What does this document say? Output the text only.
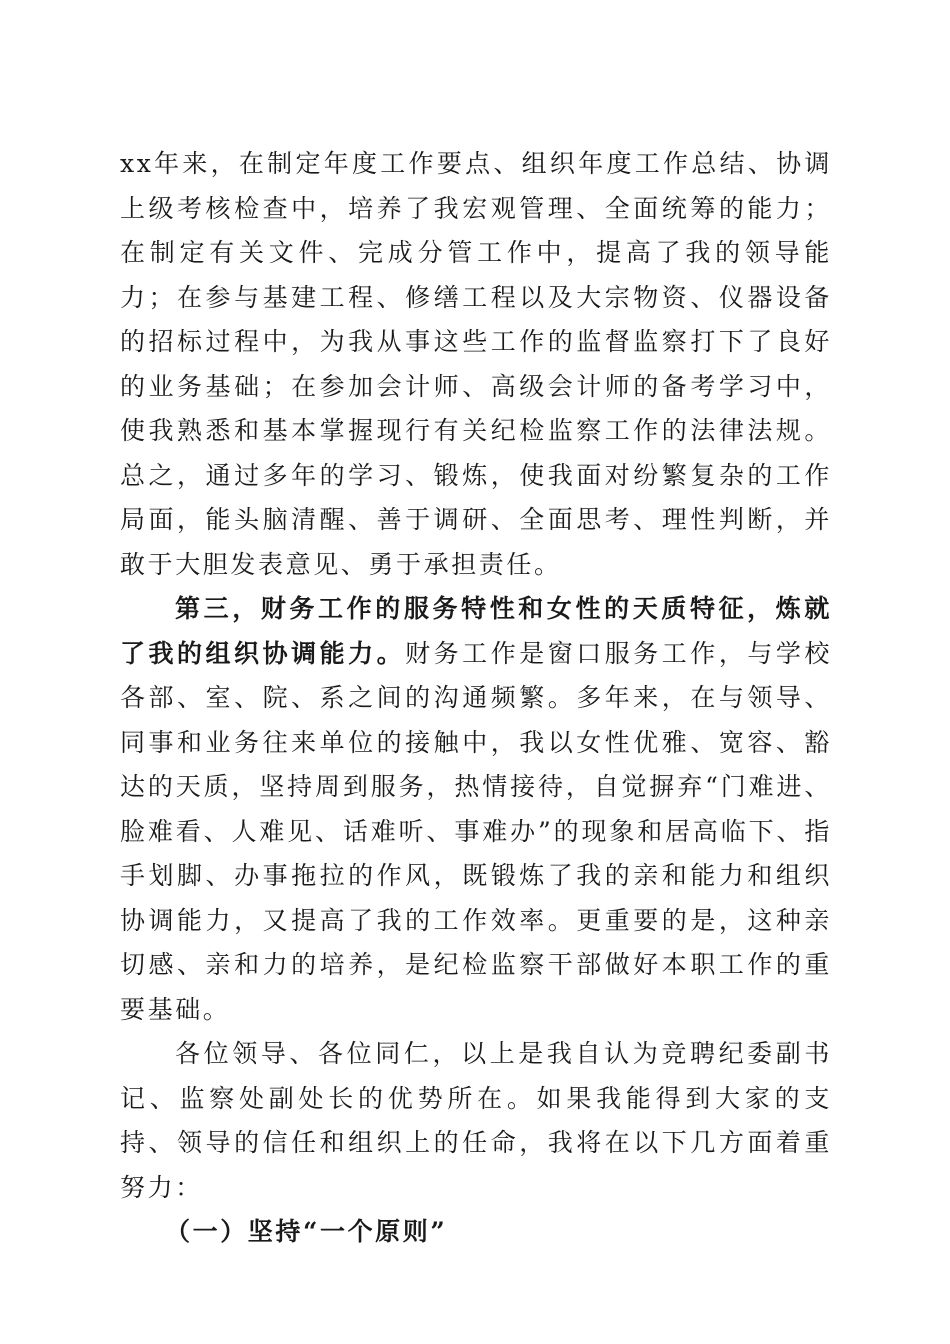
xx年来，在制定年度工作要点、组织年度工作总结、协调上级考核检查中，培养了我宏观管理、全面统筹的能力；在制定有关文件、完成分管工作中，提高了我的领导能力；在参与基建工程、修缮工程以及大宗物资、仪器设备的招标过程中，为我从事这些工作的监督监察打下了良好的业务基础；在参加会计师、高级会计师的备考学习中，使我熟悉和基本掌握现行有关纪检监察工作的法律法规。总之，通过多年的学习、锻炼，使我面对纷繁复杂的工作局面，能头脑清醒、善于调研、全面思考、理性判断，并敢于大胆发表意见、勇于承担责任。

第三，财务工作的服务特性和女性的天质特征，炼就了我的组织协调能力。财务工作是窗口服务工作，与学校各部、室、院、系之间的沟通频繁。多年来，在与领导、同事和业务往来单位的接触中，我以女性优雅、宽容、豁达的天质，坚持周到服务，热情接待，自觉摒弃“门难进、脸难看、人难见、话难听、事难办”的现象和居高临下、指手划脚、办事拖拉的作风，既锻炼了我的亲和能力和组织协调能力，又提高了我的工作效率。更重要的是，这种亲切感、亲和力的培养，是纪检监察干部做好本职工作的重要基础。

各位领导、各位同仁，以上是我自认为竞聘纪委副书记、监察处副处长的优势所在。如果我能得到大家的支持、领导的信任和组织上的任命，我将在以下几方面着重努力：

（一）坚持“一个原则”
